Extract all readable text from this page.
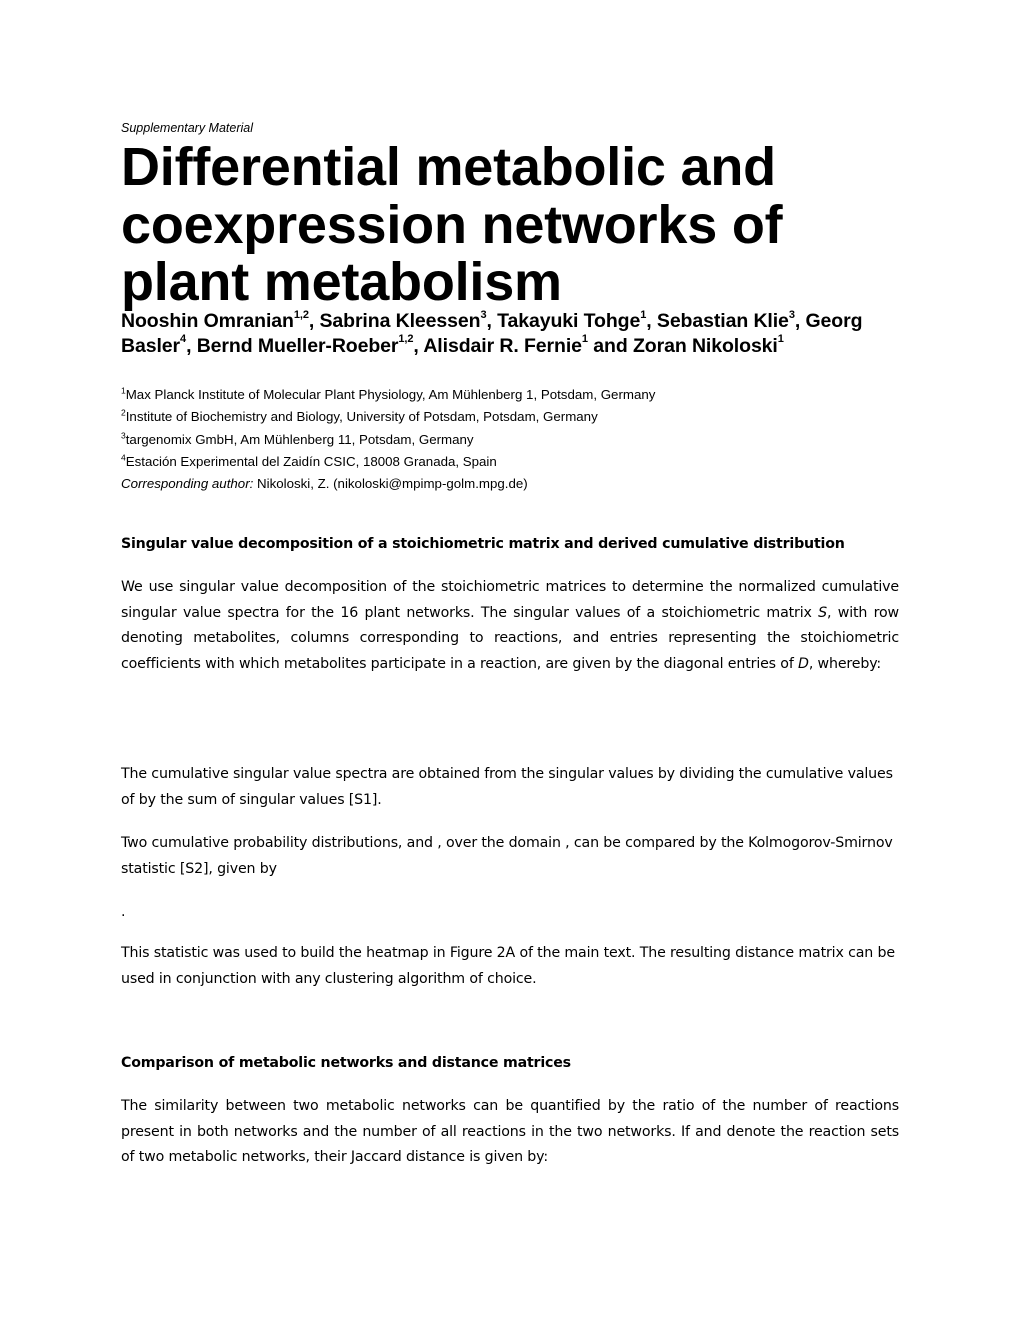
Supplementary Material
Differential metabolic and coexpression networks of plant metabolism

Nooshin Omranian$^{1,2}$, Sabrina Kleessen$^3$, Takayuki Tohge$^1$, Sebastian Klie$^3$, Georg Basler$^4$, Bernd Mueller-Roeber$^{1,2}$, Alisdair R. Fernie$^1$ and Zoran Nikoloski$^1$

$^1$Max Planck Institute of Molecular Plant Physiology, Am Mühlenberg 1, Potsdam, Germany
$^2$Institute of Biochemistry and Biology, University of Potsdam, Potsdam, Germany
$^3$targenomix GmbH, Am Mühlenberg 11, Potsdam, Germany
$^4$Estación Experimental del Zaidín CSIC, 18008 Granada, Spain
Corresponding author: Nikoloski, Z. (nikoloski@mpimp-golm.mpg.de)

Singular value decomposition of a stoichiometric matrix and derived cumulative distribution

We use singular value decomposition of the stoichiometric matrices to determine the normalized cumulative singular value spectra for the 16 plant networks. The singular values of a stoichiometric matrix S, with row denoting metabolites, columns corresponding to reactions, and entries representing the stoichiometric coefficients with which metabolites participate in a reaction, are given by the diagonal entries of D, whereby:

The cumulative singular value spectra are obtained from the singular values by dividing the cumulative values of by the sum of singular values [S1].

Two cumulative probability distributions, and , over the domain , can be compared by the Kolmogorov-Smirnov statistic [S2], given by

.

This statistic was used to build the heatmap in Figure 2A of the main text. The resulting distance matrix can be used in conjunction with any clustering algorithm of choice.

Comparison of metabolic networks and distance matrices

The similarity between two metabolic networks can be quantified by the ratio of the number of reactions present in both networks and the number of all reactions in the two networks. If and denote the reaction sets of two metabolic networks, their Jaccard distance is given by:
